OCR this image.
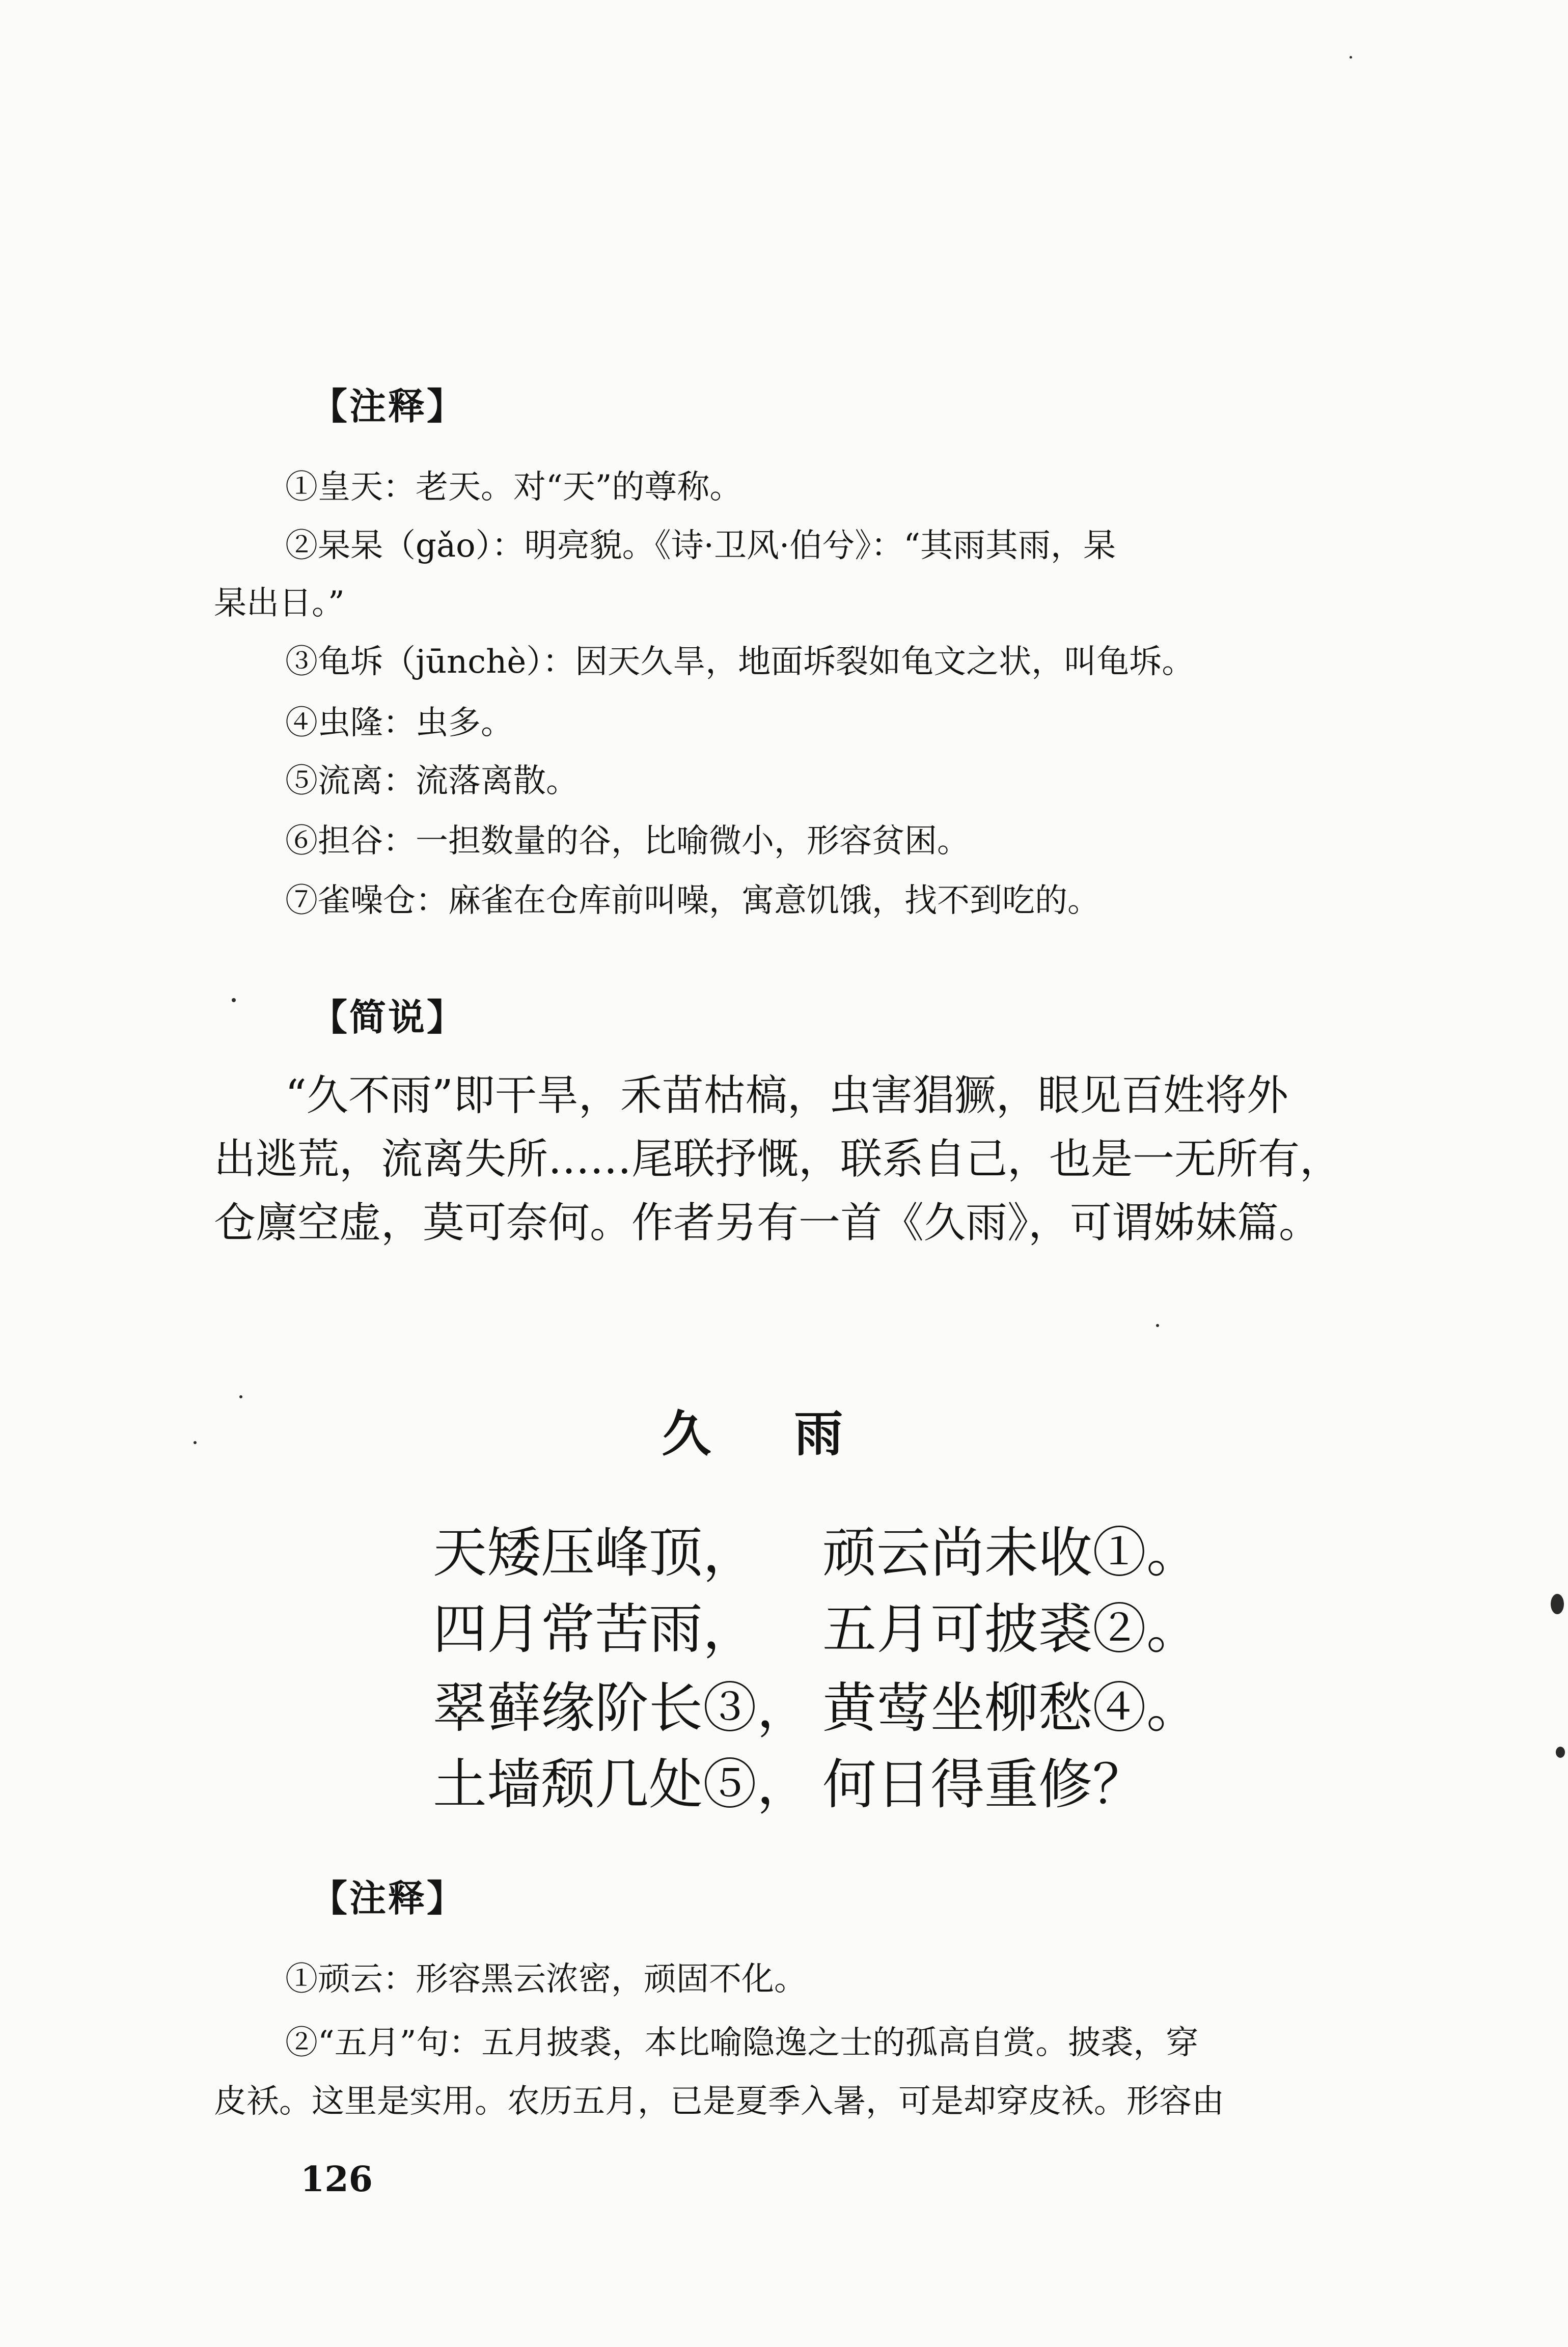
【注释】
①皇天：老天。对“天”的尊称。
②杲杲（gǎo）：明亮貌。《诗·卫风·伯兮》：“其雨其雨，杲
杲出日。”
③龟坼（jūnchè）：因天久旱，地面坼裂如龟文之状，叫龟坼。
④虫隆：虫多。
⑤流离：流落离散。
⑥担谷：一担数量的谷，比喻微小，形容贫困。
⑦雀噪仓：麻雀在仓库前叫噪，寓意饥饿，找不到吃的。
【简说】
“久不雨”即干旱，禾苗枯槁，虫害猖獗，眼见百姓将外
出逃荒，流离失所……尾联抒慨，联系自己，也是一无所有，
仓廪空虚，莫可奈何。作者另有一首《久雨》，可谓姊妹篇。
久 雨
天矮压峰顶， 顽云尚未收①。
四月常苦雨， 五月可披裘②。
翠藓缘阶长③， 黄莺坐柳愁④。
土墙颓几处⑤， 何日得重修？
【注释】
①顽云：形容黑云浓密，顽固不化。
②“五月”句：五月披裘，本比喻隐逸之士的孤高自赏。披裘，穿
皮袄。这里是实用。农历五月，已是夏季入暑，可是却穿皮袄。形容由
126
